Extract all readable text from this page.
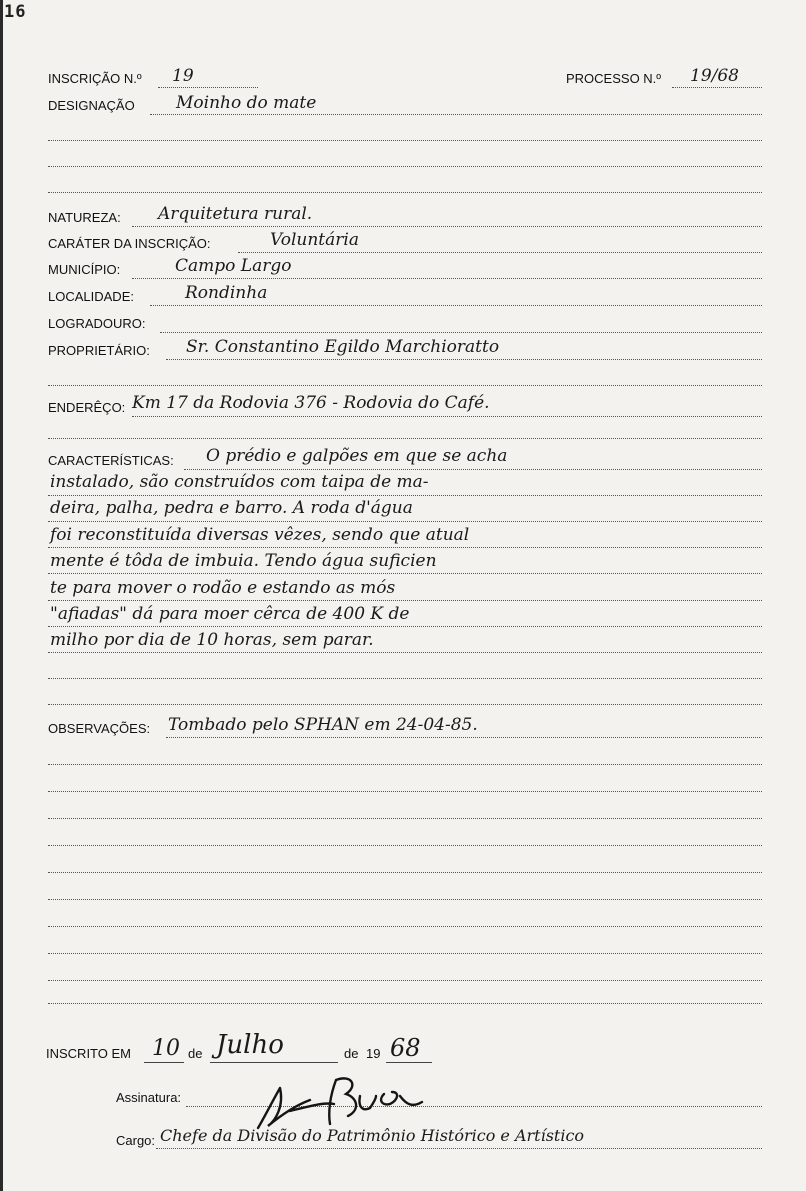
16
INSCRIÇÃO N.º 19	PROCESSO N.º 19/68
DESIGNAÇÃO Moinho do mate
NATUREZA: Arquitetura rural.
CARÁTER DA INSCRIÇÃO:	Voluntária
MUNICÍPIO:	Campo Largo
LOCALIDADE:	Rondinha
LOGRADOURO:
PROPRIETÁRIO: Sr. Constantino Egildo Marchioratto
ENDERÊÇO: Km 17 da Rodovia 376 - Rodovia do Café.
CARACTERÍSTICAS: O prédio e galpões em que se acha
instalado, são construídos com taipa de ma-
deira, palha, pedra e barro. A roda d'água
foi reconstituída diversas vêzes, sendo que atual
mente é tôda de imbuia. Tendo água suficien
te para mover o rodão e estando as mós
"afiadas" dá para moer cêrca de 400 K de
milho por dia de 10 horas, sem parar.
OBSERVAÇÕES: Tombado pelo SPHAN em 24-04-85.
INSCRITO EM 10 de Julho	de 19 68
Assinatura:
Cargo: Chefe da Divisão do Patrimônio Histórico e Artístico
